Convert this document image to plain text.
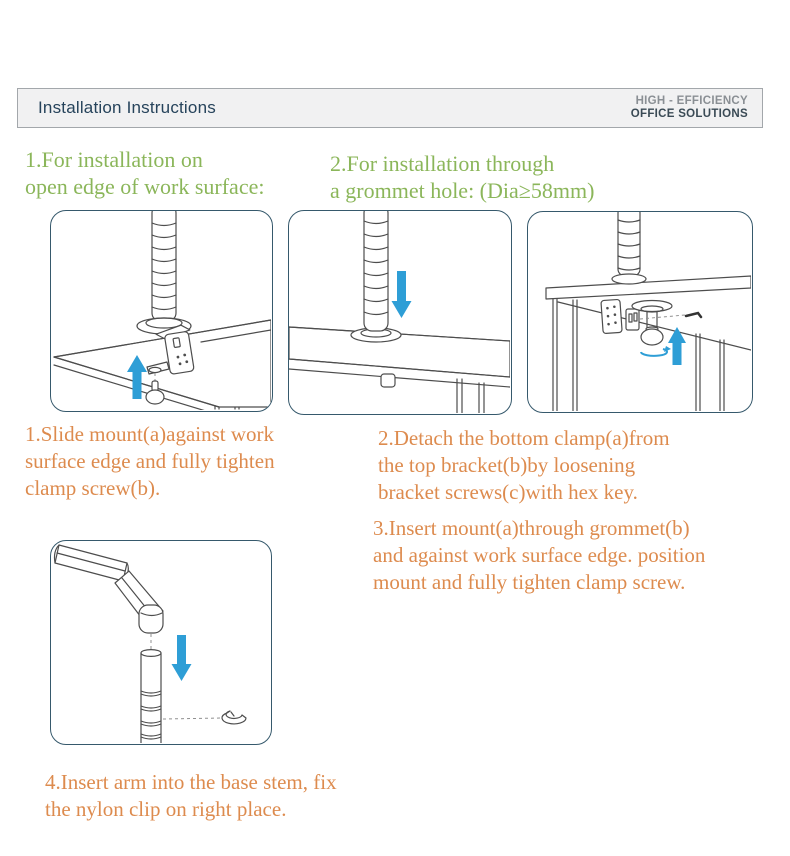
Installation Instructions	HIGH - EFFICIENCY
OFFICE SOLUTIONS
1.For installation on
open edge of work surface:
2.For installation through
a grommet hole: (Dia≥58mm)
1.Slide mount(a)against work
surface edge and fully tighten
clamp screw(b).
2.Detach the bottom clamp(a)from
the top bracket(b)by loosening
bracket screws(c)with hex key.
3.Insert mount(a)through grommet(b)
and against work surface edge. position
mount and fully tighten clamp screw.
4.Insert arm into the base stem, fix
the nylon clip on right place.
